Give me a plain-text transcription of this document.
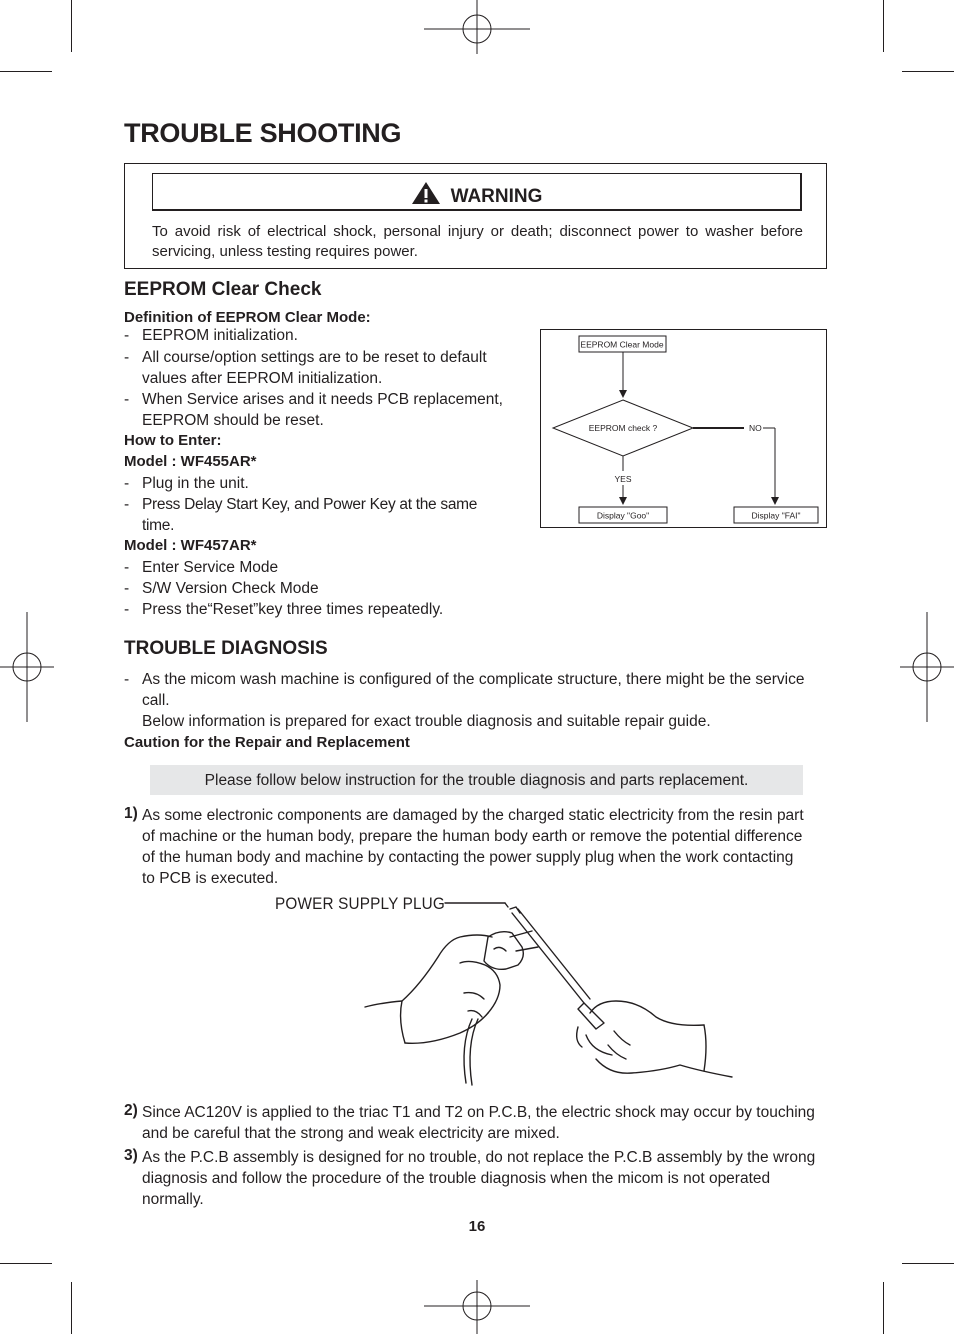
TROUBLE SHOOTING
WARNING
To avoid risk of electrical shock, personal injury or death; disconnect power to washer before servicing, unless testing requires power.
EEPROM Clear Check
Definition of EEPROM Clear Mode:
- EEPROM initialization.
- All course/option settings are to be reset to default values after EEPROM initialization.
- When Service arises and it needs PCB replacement, EEPROM should be reset.
How to Enter:
Model : WF455AR*
- Plug in the unit.
- Press Delay Start Key, and Power Key at the same time.
Model : WF457AR*
- Enter Service Mode
- S/W Version Check Mode
- Press the“Reset”key three times repeatedly.
EEPROM Clear Mode
EEPROM check ?	NO
YES
Display "Goo"	Display "FAI"
TROUBLE DIAGNOSIS
- As the micom wash machine is configured of the complicate structure, there might be the service call.
Below information is prepared for exact trouble diagnosis and suitable repair guide.
Caution for the Repair and Replacement
Please follow below instruction for the trouble diagnosis and parts replacement.
1) As some electronic components are damaged by the charged static electricity from the resin part of machine or the human body, prepare the human body earth or remove the potential difference of the human body and machine by contacting the power supply plug when the work contacting to PCB is executed.
POWER SUPPLY PLUG
2) Since AC120V is applied to the triac T1 and T2 on P.C.B, the electric shock may occur by touching and be careful that the strong and weak electricity are mixed.
3) As the P.C.B assembly is designed for no trouble, do not replace the P.C.B assembly by the wrong diagnosis and follow the procedure of the trouble diagnosis when the micom is not operated normally.
16
